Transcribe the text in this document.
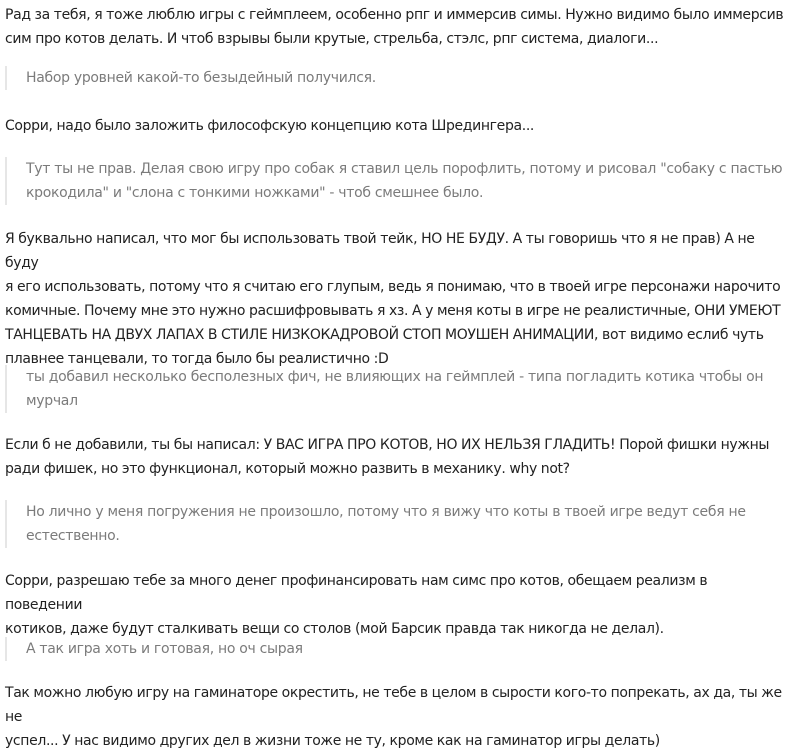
Рад за тебя, я тоже люблю игры с геймплеем, особенно рпг и иммерсив симы. Нужно видимо было иммерсив
сим про котов делать. И чтоб взрывы были крутые, стрельба, стэлс, рпг система, диалоги...

Набор уровней какой-то безыдейный получился.

Сорри, надо было заложить философскую концепцию кота Шредингера...

Тут ты не прав. Делая свою игру про собак я ставил цель порофлить, потому и рисовал "собаку с пастью
крокодила" и "слона с тонкими ножками" - чтоб смешнее было.

Я буквально написал, что мог бы использовать твой тейк, НО НЕ БУДУ. А ты говоришь что я не прав) А не буду
я его использовать, потому что я считаю его глупым, ведь я понимаю, что в твоей игре персонажи нарочито
комичные. Почему мне это нужно расшифровывать я хз. А у меня коты в игре не реалистичные, ОНИ УМЕЮТ
ТАНЦЕВАТЬ НА ДВУХ ЛАПАХ В СТИЛЕ НИЗКОКАДРОВОЙ СТОП МОУШЕН АНИМАЦИИ, вот видимо еслиб чуть
плавнее танцевали, то тогда было бы реалистично :D

ты добавил несколько бесполезных фич, не влияющих на геймплей - типа погладить котика чтобы он
мурчал

Если б не добавили, ты бы написал: У ВАС ИГРА ПРО КОТОВ, НО ИХ НЕЛЬЗЯ ГЛАДИТЬ! Порой фишки нужны
ради фишек, но это функционал, который можно развить в механику. why not?

Но лично у меня погружения не произошло, потому что я вижу что коты в твоей игре ведут себя не
естественно.

Сорри, разрешаю тебе за много денег профинансировать нам симс про котов, обещаем реализм в поведении
котиков, даже будут сталкивать вещи со столов (мой Барсик правда так никогда не делал).

А так игра хоть и готовая, но оч сырая

Так можно любую игру на гаминаторе окрестить, не тебе в целом в сырости кого-то попрекать, ах да, ты же не
успел... У нас видимо других дел в жизни тоже не ту, кроме как на гаминатор игры делать)
